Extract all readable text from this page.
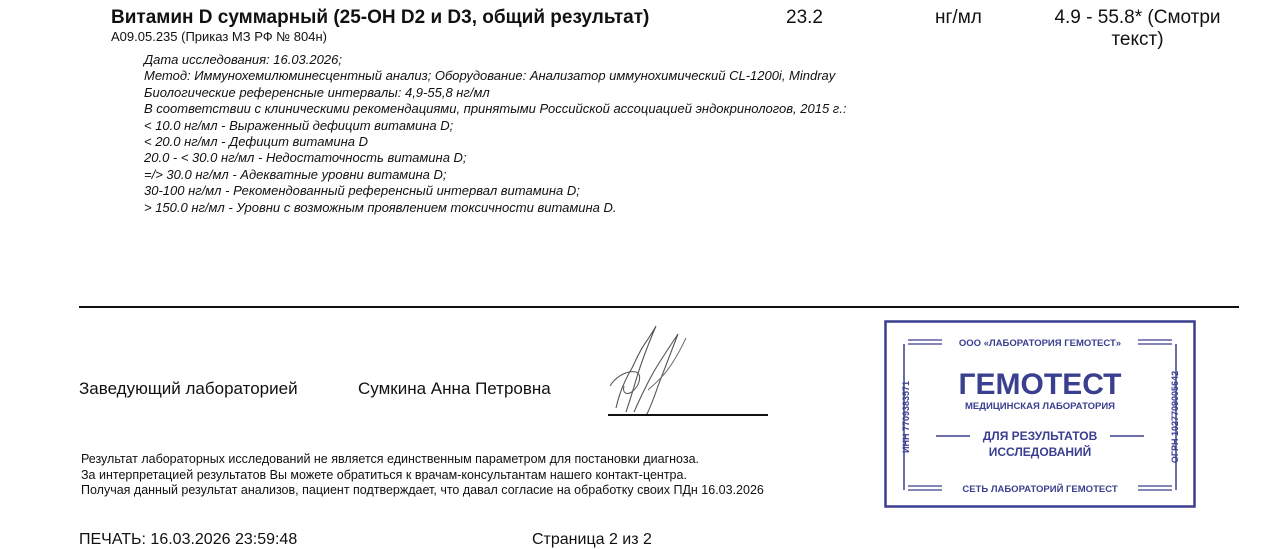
Витамин D суммарный (25-OH D2 и D3, общий результат)
A09.05.235 (Приказ МЗ РФ № 804н)
23.2	нг/мл	4.9 - 55.8* (Смотри текст)
Дата исследования: 16.03.2026;
Метод: Иммунохемилюминесцентный анализ; Оборудование: Анализатор иммунохимический CL-1200i, Mindray
Биологические референсные интервалы: 4,9-55,8 нг/мл
В соответствии с клиническими рекомендациями, принятыми Российской ассоциацией эндокринологов, 2015 г.:
< 10.0 нг/мл - Выраженный дефицит витамина D;
< 20.0 нг/мл - Дефицит витамина D
20.0 - < 30.0 нг/мл - Недостаточность витамина D;
=/> 30.0 нг/мл - Адекватные уровни витамина D;
30-100 нг/мл - Рекомендованный референсный интервал витамина D;
> 150.0 нг/мл - Уровни с возможным проявлением токсичности витамина D.
Заведующий лабораторией	Сумкина Анна Петровна
Результат лабораторных исследований не является единственным параметром для постановки диагноза.
За интерпретацией результатов Вы можете обратиться к врачам-консультантам нашего контакт-центра.
Получая данный результат анализов, пациент подтверждает, что давал согласие на обработку своих ПДн 16.03.2026
ПЕЧАТЬ: 16.03.2026 23:59:48	Страница 2 из 2
ООО «ЛАБОРАТОРИЯ ГЕМОТЕСТ»
ГЕМОТЕСТ
МЕДИЦИНСКАЯ ЛАБОРАТОРИЯ
ДЛЯ РЕЗУЛЬТАТОВ
ИССЛЕДОВАНИЙ
СЕТЬ ЛАБОРАТОРИЙ ГЕМОТЕСТ
ИНН 7709383571	ОГРН 1027709005642
